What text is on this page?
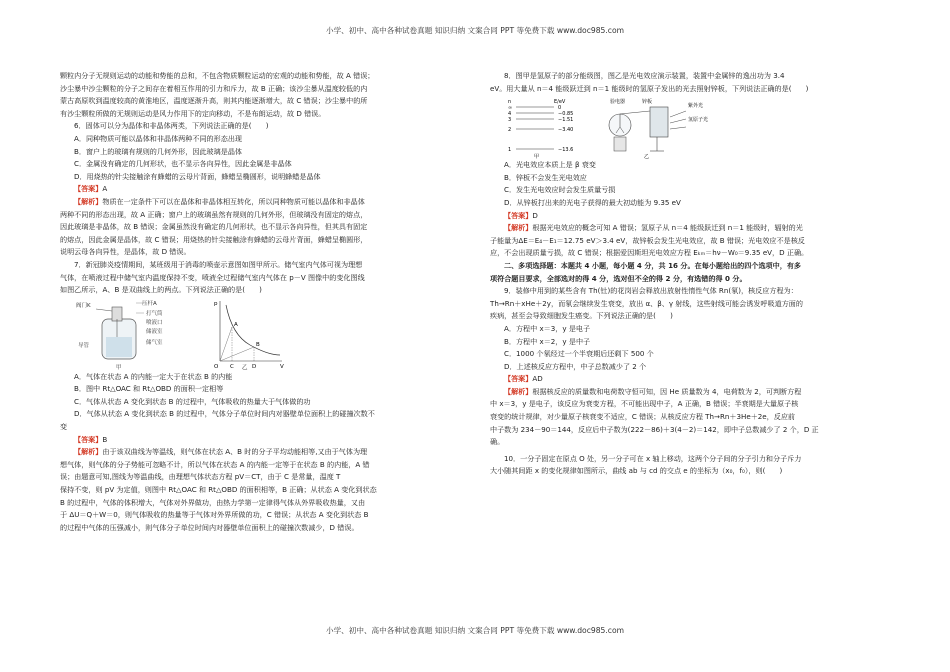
小学、初中、高中各种试卷真题 知识归纳 文案合同 PPT 等免费下载 www.doc985.com

颗粒内分子无规则运动的动能和势能的总和，不包含物质颗粒运动的宏观的动能和势能，故 A 错误；

沙尘暴中沙尘颗粒的分子之间存在着相互作用的引力和斥力，故 B 正确；该沙尘暴从温度较低的内

蒙古高原吹到温度较高的黄淮地区，温度逐渐升高，则其内能逐渐增大，故 C 错误；沙尘暴中的所

有沙尘颗粒所做的无规则运动是风力作用下的定向移动，不是布朗运动，故 D 错误。

6．固体可以分为晶体和非晶体两类，下列说法正确的是(　　)

A．同种物质可能以晶体和非晶体两种不同的形态出现

B．窗户上的玻璃有规则的几何外形，因此玻璃是晶体

C．金属没有确定的几何形状，也不显示各向异性，因此金属是非晶体

D．用烧热的针尖接触涂有蜂蜡的云母片背面，蜂蜡呈椭圆形，说明蜂蜡是晶体

【答案】A

【解析】物质在一定条件下可以在晶体和非晶体相互转化，所以同种物质可能以晶体和非晶体

两种不同的形态出现，故 A 正确；窗户上的玻璃虽然有规则的几何外形，但玻璃没有固定的熔点，

因此玻璃是非晶体，故 B 错误；金属虽然没有确定的几何形状，也不显示各向异性，但其具有固定

的熔点，因此金属是晶体，故 C 错误；用烧热的针尖接触涂有蜂蜡的云母片背面，蜂蜡呈椭圆形，

说明云母各向异性，是晶体，故 D 错误。

7．新冠肺炎疫情期间，某班级用于消毒的喷壶示意图如图甲所示。储气室内气体可视为理想

气体，在喷液过程中储气室内温度保持不变，喷液全过程储气室内气体在 p－V 图像中的变化图线

如图乙所示，A、B 是双曲线上的两点。下列说法正确的是(　　)

阀门K	压杆A
打气筒
喷液口
储液室
储气室
导管
甲
p
V
O
A
B
C	D
乙

A．气体在状态 A 的内能一定大于在状态 B 的内能

B．图中 Rt△OAC 和 Rt△OBD 的面积一定相等

C．气体从状态 A 变化到状态 B 的过程中，气体吸收的热量大于气体做的功

D．气体从状态 A 变化到状态 B 的过程中，气体分子单位时间内对器壁单位面积上的碰撞次数不

变

【答案】B

【解析】由于该双曲线为等温线，则气体在状态 A、B 时的分子平均动能相等,又由于气体为理

想气体，则气体的分子势能可忽略不计，所以气体在状态 A 的内能一定等于在状态 B 的内能，A 错

误；由题意可知,图线为等温曲线，由理想气体状态方程 pV＝CT，由于 C 是常量，温度 T

保持不变，则 pV 为定值，则图中 Rt△OAC 和 Rt△OBD 的面积相等，B 正确；从状态 A 变化到状态

B 的过程中，气体的体积增大，气体对外界做功，由热力学第一定律得气体从外界吸收热量，又由

于 ΔU＝Q＋W＝0，则气体吸收的热量等于气体对外界所做的功，C 错误；从状态 A 变化到状态 B

的过程中气体的压强减小，则气体分子单位时间内对器壁单位面积上的碰撞次数减少，D 错误。

8．图甲是氢原子的部分能级图，图乙是光电效应演示装置，装置中金属锌的逸出功为 3.4

eV。用大量从 n＝4 能级跃迁到 n＝1 能级时的氢原子发出的光去照射锌板，下列说法正确的是(　　)

n	E/eV
∞
4
3
2
1
0
−0.85
−1.51
−3.40
−13.6
甲
验电器	锌板
紫外光
氢原子光
乙

A．光电效应本质上是 β 衰变

B．锌板不会发生光电效应

C．发生光电效应时会发生质量亏损

D．从锌板打出来的光电子获得的最大初动能为 9.35 eV

【答案】D

【解析】根据光电效应的概念可知 A 错误；氢原子从 n＝4 能级跃迁到 n＝1 能级时，辐射的光

子能量为ΔE＝E₄－E₁＝12.75 eV＞3.4 eV，故锌板会发生光电效应，故 B 错误；光电效应不是核反

应，不会出现质量亏损，故 C 错误；根据爱因斯坦光电效应方程 Eₖₘ＝hν－W₀＝9.35 eV，D 正确。

二、多项选择题：本题共 4 小题，每小题 4 分，共 16 分。在每小题给出的四个选项中，有多

项符合题目要求，全部选对的得 4 分，选对但不全的得 2 分，有选错的得 0 分。

9．装修中用到的某些含有 Th(钍)的花岗岩会释放出放射性惰性气体 Rn(氡)，核反应方程为：

Th→Rn＋xHe＋2y，而氡会继续发生衰变，放出 α、β、γ 射线，这些射线可能会诱发呼吸道方面的

疾病，甚至会导致细胞发生癌变。下列说法正确的是(　　)

A．方程中 x＝3，y 是电子

B．方程中 x＝2，y 是中子

C．1000 个氡经过一个半衰期后还剩下 500 个

D．上述核反应方程中，中子总数减少了 2 个

【答案】AD

【解析】根据核反应的质量数和电荷数守恒可知，因 He 质量数为 4，电荷数为 2，可判断方程

中 x＝3，y 是电子，该反应为衰变方程，不可能出现中子，A 正确，B 错误；半衰期是大量原子核

衰变的统计规律，对少量原子核衰变不适应，C 错误；从核反应方程 Th→Rn＋3He＋2e，反应前

中子数为 234－90＝144，反应后中子数为(222－86)＋3(4－2)＝142，即中子总数减少了 2 个，D 正

确。

10．一分子固定在原点 O 处，另一分子可在 x 轴上移动，这两个分子间的分子引力和分子斥力

大小随其间距 x 的变化规律如图所示，曲线 ab 与 cd 的交点 e 的坐标为（x₀，f₀），则(　　)

小学、初中、高中各种试卷真题 知识归纳 文案合同 PPT 等免费下载 www.doc985.com
